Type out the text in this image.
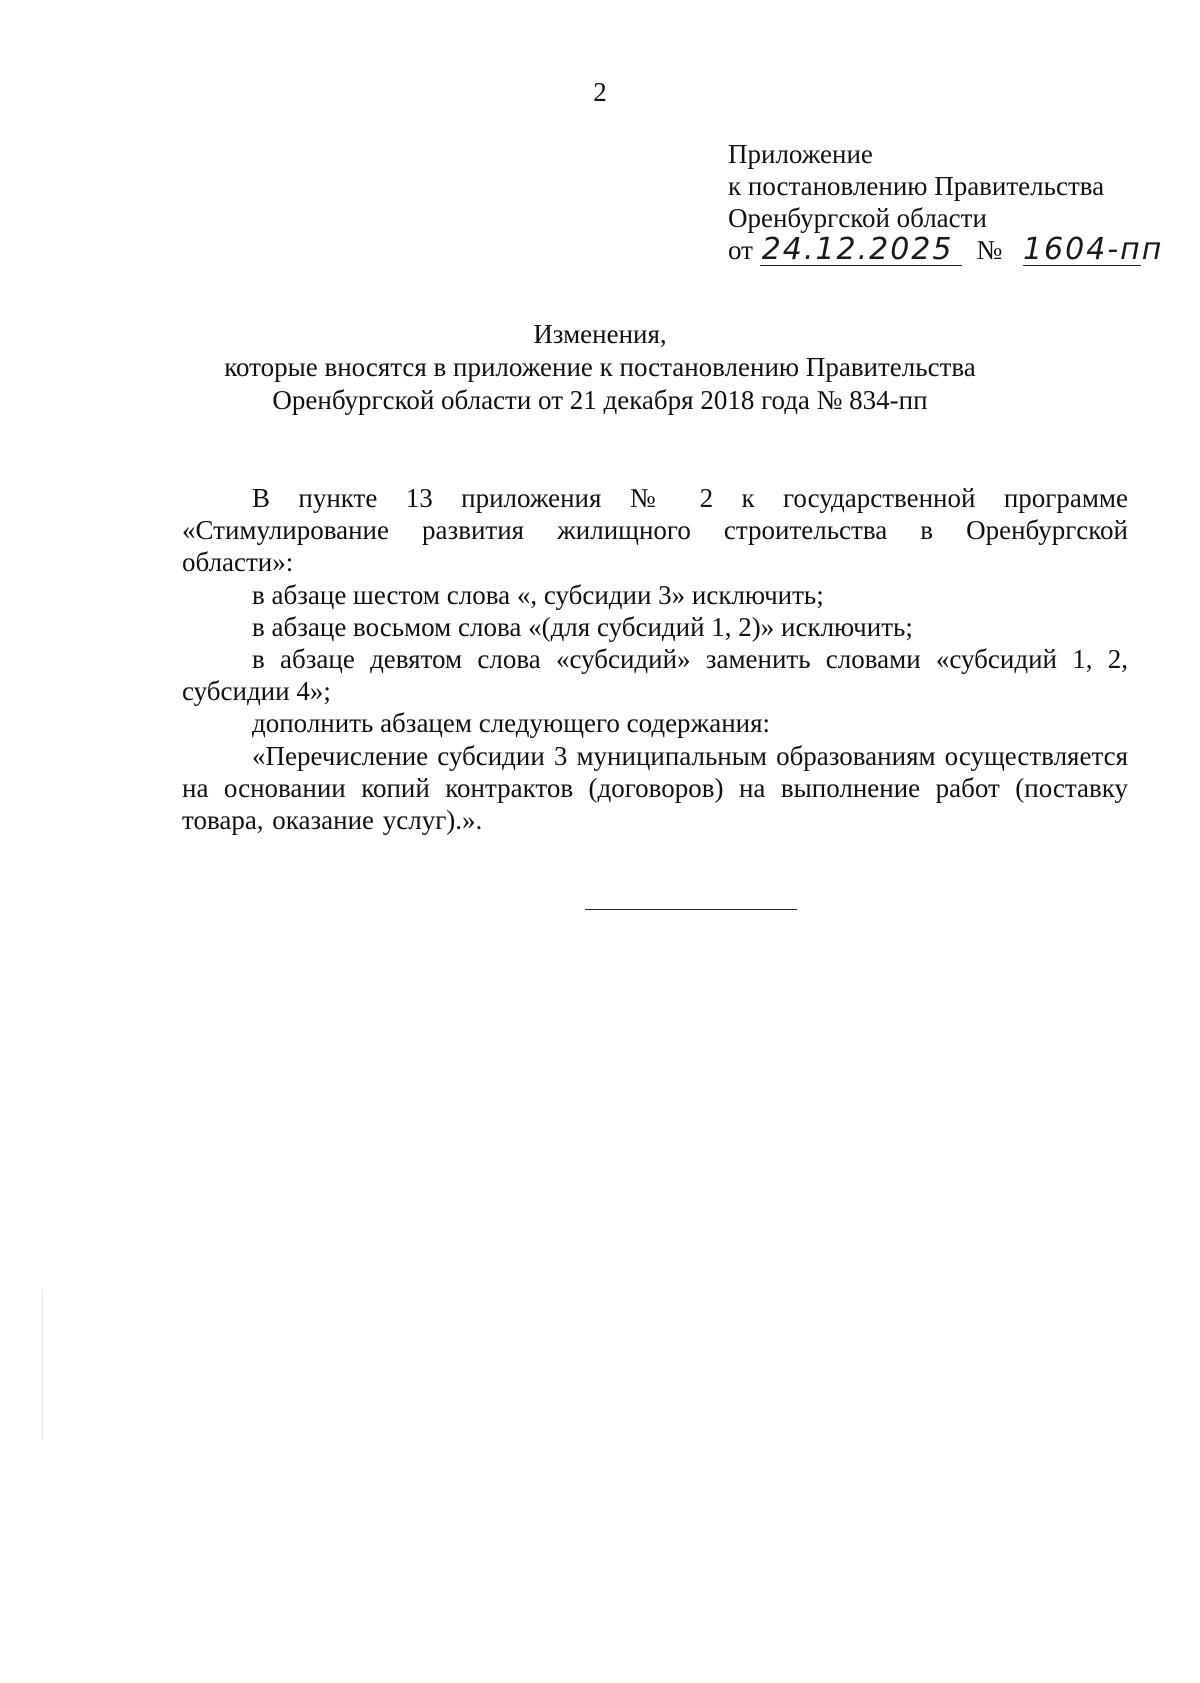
2
Приложение
к постановлению Правительства
Оренбургской области
от 24.12.2025 № 1604-пп
Изменения,
которые вносятся в приложение к постановлению Правительства
Оренбургской области от 21 декабря 2018 года № 834-пп

В пункте 13 приложения № 2 к государственной программе «Стимулирование развития жилищного строительства в Оренбургской области»:

в абзаце шестом слова «, субсидии 3» исключить;

в абзаце восьмом слова «(для субсидий 1, 2)» исключить;

в абзаце девятом слова «субсидий» заменить словами «субсидий 1, 2, субсидии 4»;

дополнить абзацем следующего содержания:

«Перечисление субсидии 3 муниципальным образованиям осуществляется на основании копий контрактов (договоров) на выполнение работ (поставку товара, оказание услуг).».
